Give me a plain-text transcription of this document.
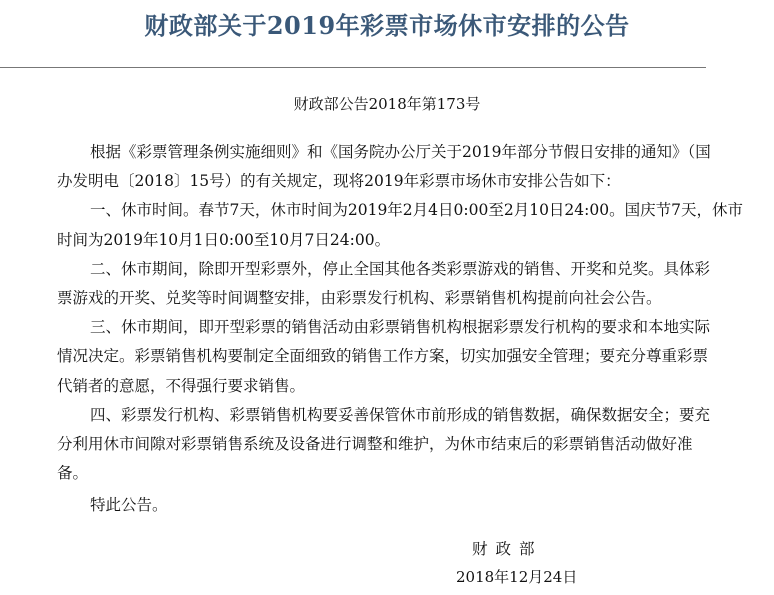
财政部关于2019年彩票市场休市安排的公告
财政部公告2018年第173号
根据《彩票管理条例实施细则》和《国务院办公厅关于2019年部分节假日安排的通知》（国
办发明电〔2018〕15号）的有关规定，现将2019年彩票市场休市安排公告如下：
一、休市时间。春节7天，休市时间为2019年2月4日0:00至2月10日24:00。国庆节7天，休市
时间为2019年10月1日0:00至10月7日24:00。
二、休市期间，除即开型彩票外，停止全国其他各类彩票游戏的销售、开奖和兑奖。具体彩
票游戏的开奖、兑奖等时间调整安排，由彩票发行机构、彩票销售机构提前向社会公告。
三、休市期间，即开型彩票的销售活动由彩票销售机构根据彩票发行机构的要求和本地实际
情况决定。彩票销售机构要制定全面细致的销售工作方案，切实加强安全管理；要充分尊重彩票
代销者的意愿，不得强行要求销售。
四、彩票发行机构、彩票销售机构要妥善保管休市前形成的销售数据，确保数据安全；要充
分利用休市间隙对彩票销售系统及设备进行调整和维护，为休市结束后的彩票销售活动做好准
备。
特此公告。
财政部
2018年12月24日
